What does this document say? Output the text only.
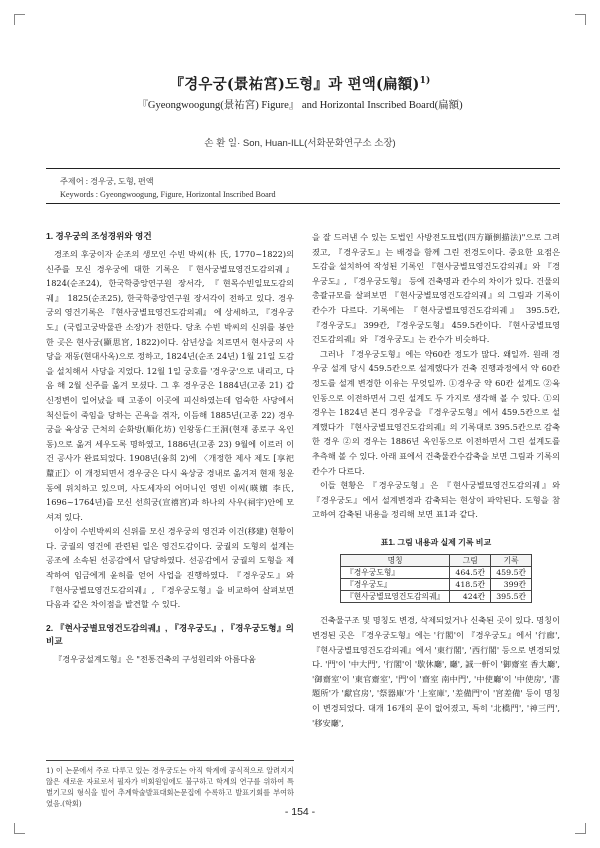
『경우궁(景祐宮)도형』과 편액(扁額)$^{1)}$
『Gyeongwoogung(景祐宮) Figure』 and Horizontal Inscribed Board(扁額)
손 환 일· Son, Huan-ILL(서화문화연구소 소장)
주제어 : 경우궁, 도형, 편액
Keywords : Gyeongwoogung, Figure, Horizontal Inscribed Board
1. 경우궁의 조성경위와 영건

경조의 후궁이자 순조의 생모인 수빈 박씨(朴 氏, 1770~1822)의 신주를 모신 경우궁에 대한 기록은 『현사궁별묘영건도감의궤』 1824(순조24), 한국학중앙연구원 장서각, 『현목수빈일묘도감의궤』 1825(순조25), 한국학중앙연구원 장서각이 전하고 있다. 경우궁의 영건기록은 『현사궁별묘영건도감의궤』 에 상세하고, 『경우궁도』(국립고궁박물관 소장)가 전한다. 당초 수빈 박씨의 신위를 봉안한 곳은 현사궁(顯思宮, 1822)이다. 삼년상을 치르면서 현사궁의 사당을 재동(현대사옥)으로 정하고, 1824년(순조 24년) 1월 21일 도감을 설치해서 사당을 지었다. 12월 1일 궁호를 '경우궁'으로 내리고, 다음 해 2월 신주를 옮겨 모셨다. 그 후 경우궁은 1884년(고종 21) 갑신정변이 일어났을 때 고종이 이곳에 피신하였는데 엄숙한 사당에서 척신들이 죽임을 당하는 곤욕을 겪자, 이듬해 1885년(고종 22) 경우궁을 육상궁 근처의 순화방(順化坊) 인왕동仁王洞(현재 종로구 옥인동)으로 옮겨 세우도록 명하였고, 1886년(고종 23) 9월에 이르러 이건 공사가 완료되었다. 1908년(융희 2)에 〈개정한 제사 제도 [享祀釐正]〉이 개정되면서 경우궁은 다시 육상궁 경내로 옮겨져 현재 청운동에 위치하고 있으며, 사도세자의 어머니인 영빈 이씨(暎嬪 李氏, 1696~1764년)를 모신 선희궁(宣禧宮)과 하나의 사우(祠宇)안에 모셔져 있다.

이상이 수빈박씨의 신위를 모신 경우궁의 영건과 이건(移建) 현황이다. 궁궐의 영건에 관련된 일은 영건도감이다. 궁궐의 도형의 설계는 공조에 소속된 선공감에서 담당하였다. 선공감에서 궁궐의 도형을 제작하여 임금에게 윤허를 얻어 사업을 진행하였다. 『경우궁도』와 『현사궁별묘영건도감의궤』, 『경우궁도형』을 비교하여 살펴보면 다음과 같은 차이점을 발견할 수 있다.

2. 『현사궁별묘영건도감의궤』, 『경우궁도』, 『경우궁도형』의 비교

『경우궁설계도형』은 "전통건축의 구성원리와 아름다움

1) 이 논문에서 주로 다루고 있는 경우궁도는 아직 학계에 공식적으로 알려지지 않은 새로운 자료로서 필자가 비회원임에도 불구하고 학계의 연구를 위하여 특별기고의 형식을 빌어 추계학술발표대회논문집에 수록하고 발표기회를 부여하였음.(학회)

을 잘 드러낸 수 있는 도법인 사방전도묘법(四方顚倒描法)"으로 그려졌고, 『경우궁도』는 배경을 함께 그린 전경도이다. 중요한 요점은 도감을 설치하여 작성된 기록인 『현사궁별묘영건도감의궤』와 『경우궁도』, 『경우궁도형』 등에 건축명과 칸수의 차이가 있다. 건물의 총괄규모를 살펴보면 『현사궁별묘영건도감의궤』의 그림과 기록이 칸수가 다르다. 기록에는 『현사궁별묘영건도감의궤』 395.5칸, 『경우궁도』 399칸, 『경우궁도형』 459.5칸이다. 『현사궁별묘영건도감의궤』와 『경우궁도』는 칸수가 비슷하다.

그러나 『경우궁도형』에는 약60칸 정도가 많다. 왜일까. 원래 경우궁 설계 당시 459.5칸으로 설계했다가 건축 진행과정에서 약 60칸 정도를 설계 변경한 이유는 무엇일까. ①경우궁 약 60칸 설계도 ②육인동으로 이전하면서 그린 설계도 두 가지로 생각해 볼 수 있다. ①의 경우는 1824년 본디 경우궁을 『경우궁도형』에서 459.5칸으로 설계했다가 『현사궁별묘영건도감의궤』의 기록대로 395.5칸으로 감축한 경우 ②의 경우는 1886년 옥인동으로 이전하면서 그린 설계도를 추측해 볼 수 있다. 아래 표에서 건축물칸수감축을 보면 그림과 기록의 칸수가 다르다.

이들 현황은 『경우궁도형』은 『현사궁별묘영건도감의궤』와 『경우궁도』에서 설계변경과 감축되는 현상이 파악된다. 도형을 참고하여 감축된 내용을 정리해 보면 표1과 같다.

표1. 그림 내용과 실제 기록 비교
명칭	그림	기록
『경우궁도형』	464.5칸	459.5칸
『경우궁도』	418.5칸	399칸
『현사궁별묘영건도감의궤』	424칸	395.5칸

건축물구조 및 명칭도 변경, 삭제되었거나 신축된 곳이 있다. 명칭이 변경된 곳은 『경우궁도형』에는 '行閣'이 『경우궁도』에서 '行廊', 『현사궁별묘영건도감의궤』에서 '東行閣', '西行閣' 등으로 변경되었다. '門'이 '中大門', '行閣'이 '歇休廳', 廳', 誠一軒이 '御齋室 香大廳', '御齋室'이 '東官齋室', '門'이 '齋室 南中門', '中使廳'이 '中使房', '書題所'가 '獻官房', '祭器庫'가 '上室庫', '差備門'이 '宮差備' 등이 명칭이 변경되었다. 대개 16개의 문이 없어졌고, 특히 '北橋門', '神三門', '移安廳',

- 154 -
